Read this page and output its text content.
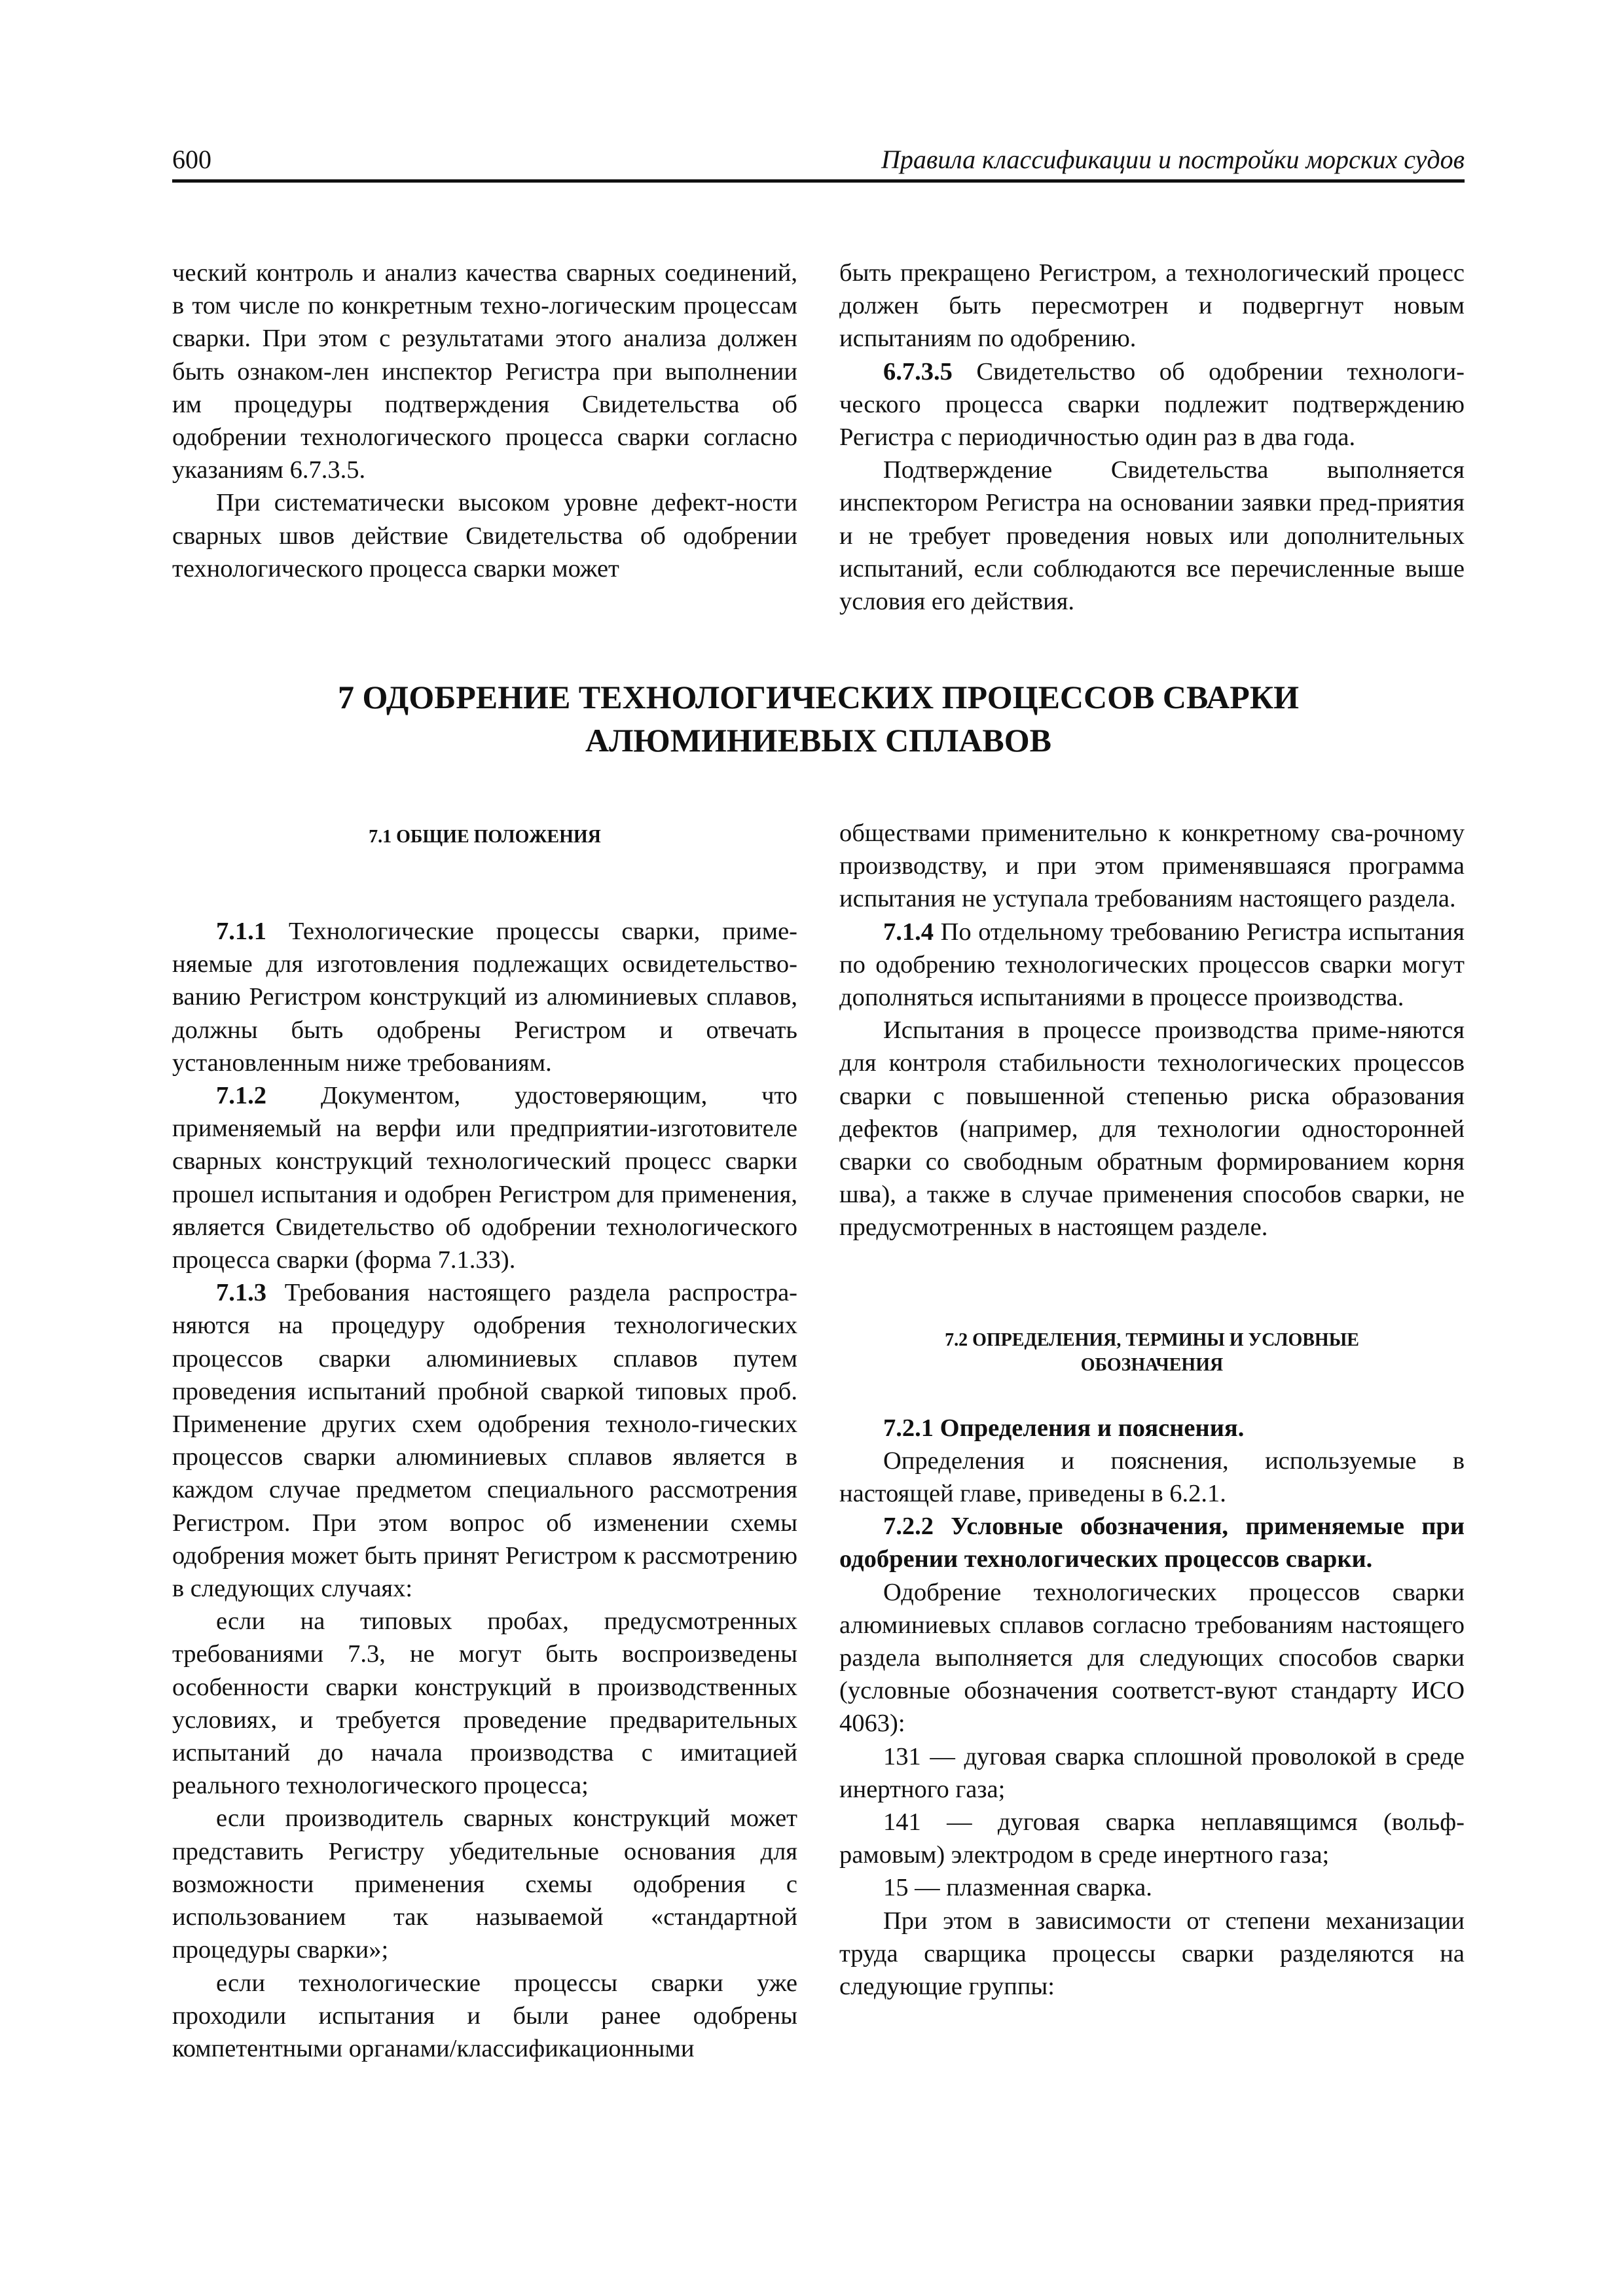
600	Правила классификации и постройки морских судов

ческий контроль и анализ качества сварных соединений, в том числе по конкретным техно-логическим процессам сварки. При этом с результатами этого анализа должен быть ознаком-лен инспектор Регистра при выполнении им процедуры подтверждения Свидетельства об одобрении технологического процесса сварки согласно указаниям 6.7.3.5.

При систематически высоком уровне дефект-ности сварных швов действие Свидетельства об одобрении технологического процесса сварки может

быть прекращено Регистром, а технологический процесс должен быть пересмотрен и подвергнут новым испытаниям по одобрению.

6.7.3.5 Свидетельство об одобрении технологи-ческого процесса сварки подлежит подтверждению Регистра с периодичностью один раз в два года.

Подтверждение Свидетельства выполняется инспектором Регистра на основании заявки пред-приятия и не требует проведения новых или дополнительных испытаний, если соблюдаются все перечисленные выше условия его действия.

7 ОДОБРЕНИЕ ТЕХНОЛОГИЧЕСКИХ ПРОЦЕССОВ СВАРКИ
АЛЮМИНИЕВЫХ СПЛАВОВ
7.1 ОБЩИЕ ПОЛОЖЕНИЯ

7.1.1 Технологические процессы сварки, приме-няемые для изготовления подлежащих освидетельство-ванию Регистром конструкций из алюминиевых сплавов, должны быть одобрены Регистром и отвечать установленным ниже требованиям.

7.1.2 Документом, удостоверяющим, что применяемый на верфи или предприятии-изготовителе сварных конструкций технологический процесс сварки прошел испытания и одобрен Регистром для применения, является Свидетельство об одобрении технологического процесса сварки (форма 7.1.33).

7.1.3 Требования настоящего раздела распростра-няются на процедуру одобрения технологических процессов сварки алюминиевых сплавов путем проведения испытаний пробной сваркой типовых проб. Применение других схем одобрения техноло-гических процессов сварки алюминиевых сплавов является в каждом случае предметом специального рассмотрения Регистром. При этом вопрос об изменении схемы одобрения может быть принят Регистром к рассмотрению в следующих случаях:

если на типовых пробах, предусмотренных требованиями 7.3, не могут быть воспроизведены особенности сварки конструкций в производственных условиях, и требуется проведение предварительных испытаний до начала производства с имитацией реального технологического процесса;

если производитель сварных конструкций может представить Регистру убедительные основания для возможности применения схемы одобрения с использованием так называемой «стандартной процедуры сварки»;

если технологические процессы сварки уже проходили испытания и были ранее одобрены компетентными органами/классификационными

обществами применительно к конкретному сва-рочному производству, и при этом применявшаяся программа испытания не уступала требованиям настоящего раздела.

7.1.4 По отдельному требованию Регистра испытания по одобрению технологических процессов сварки могут дополняться испытаниями в процессе производства.

Испытания в процессе производства приме-няются для контроля стабильности технологических процессов сварки с повышенной степенью риска образования дефектов (например, для технологии односторонней сварки со свободным обратным формированием корня шва), а также в случае применения способов сварки, не предусмотренных в настоящем разделе.

7.2 ОПРЕДЕЛЕНИЯ, ТЕРМИНЫ И УСЛОВНЫЕ
ОБОЗНАЧЕНИЯ

7.2.1 Определения и пояснения.

Определения и пояснения, используемые в настоящей главе, приведены в 6.2.1.

7.2.2 Условные обозначения, применяемые при одобрении технологических процессов сварки.

Одобрение технологических процессов сварки алюминиевых сплавов согласно требованиям настоящего раздела выполняется для следующих способов сварки (условные обозначения соответст-вуют стандарту ИСО 4063):

131 — дуговая сварка сплошной проволокой в среде инертного газа;

141 — дуговая сварка неплавящимся (вольф-рамовым) электродом в среде инертного газа;

15 — плазменная сварка.

При этом в зависимости от степени механизации труда сварщика процессы сварки разделяются на следующие группы:
